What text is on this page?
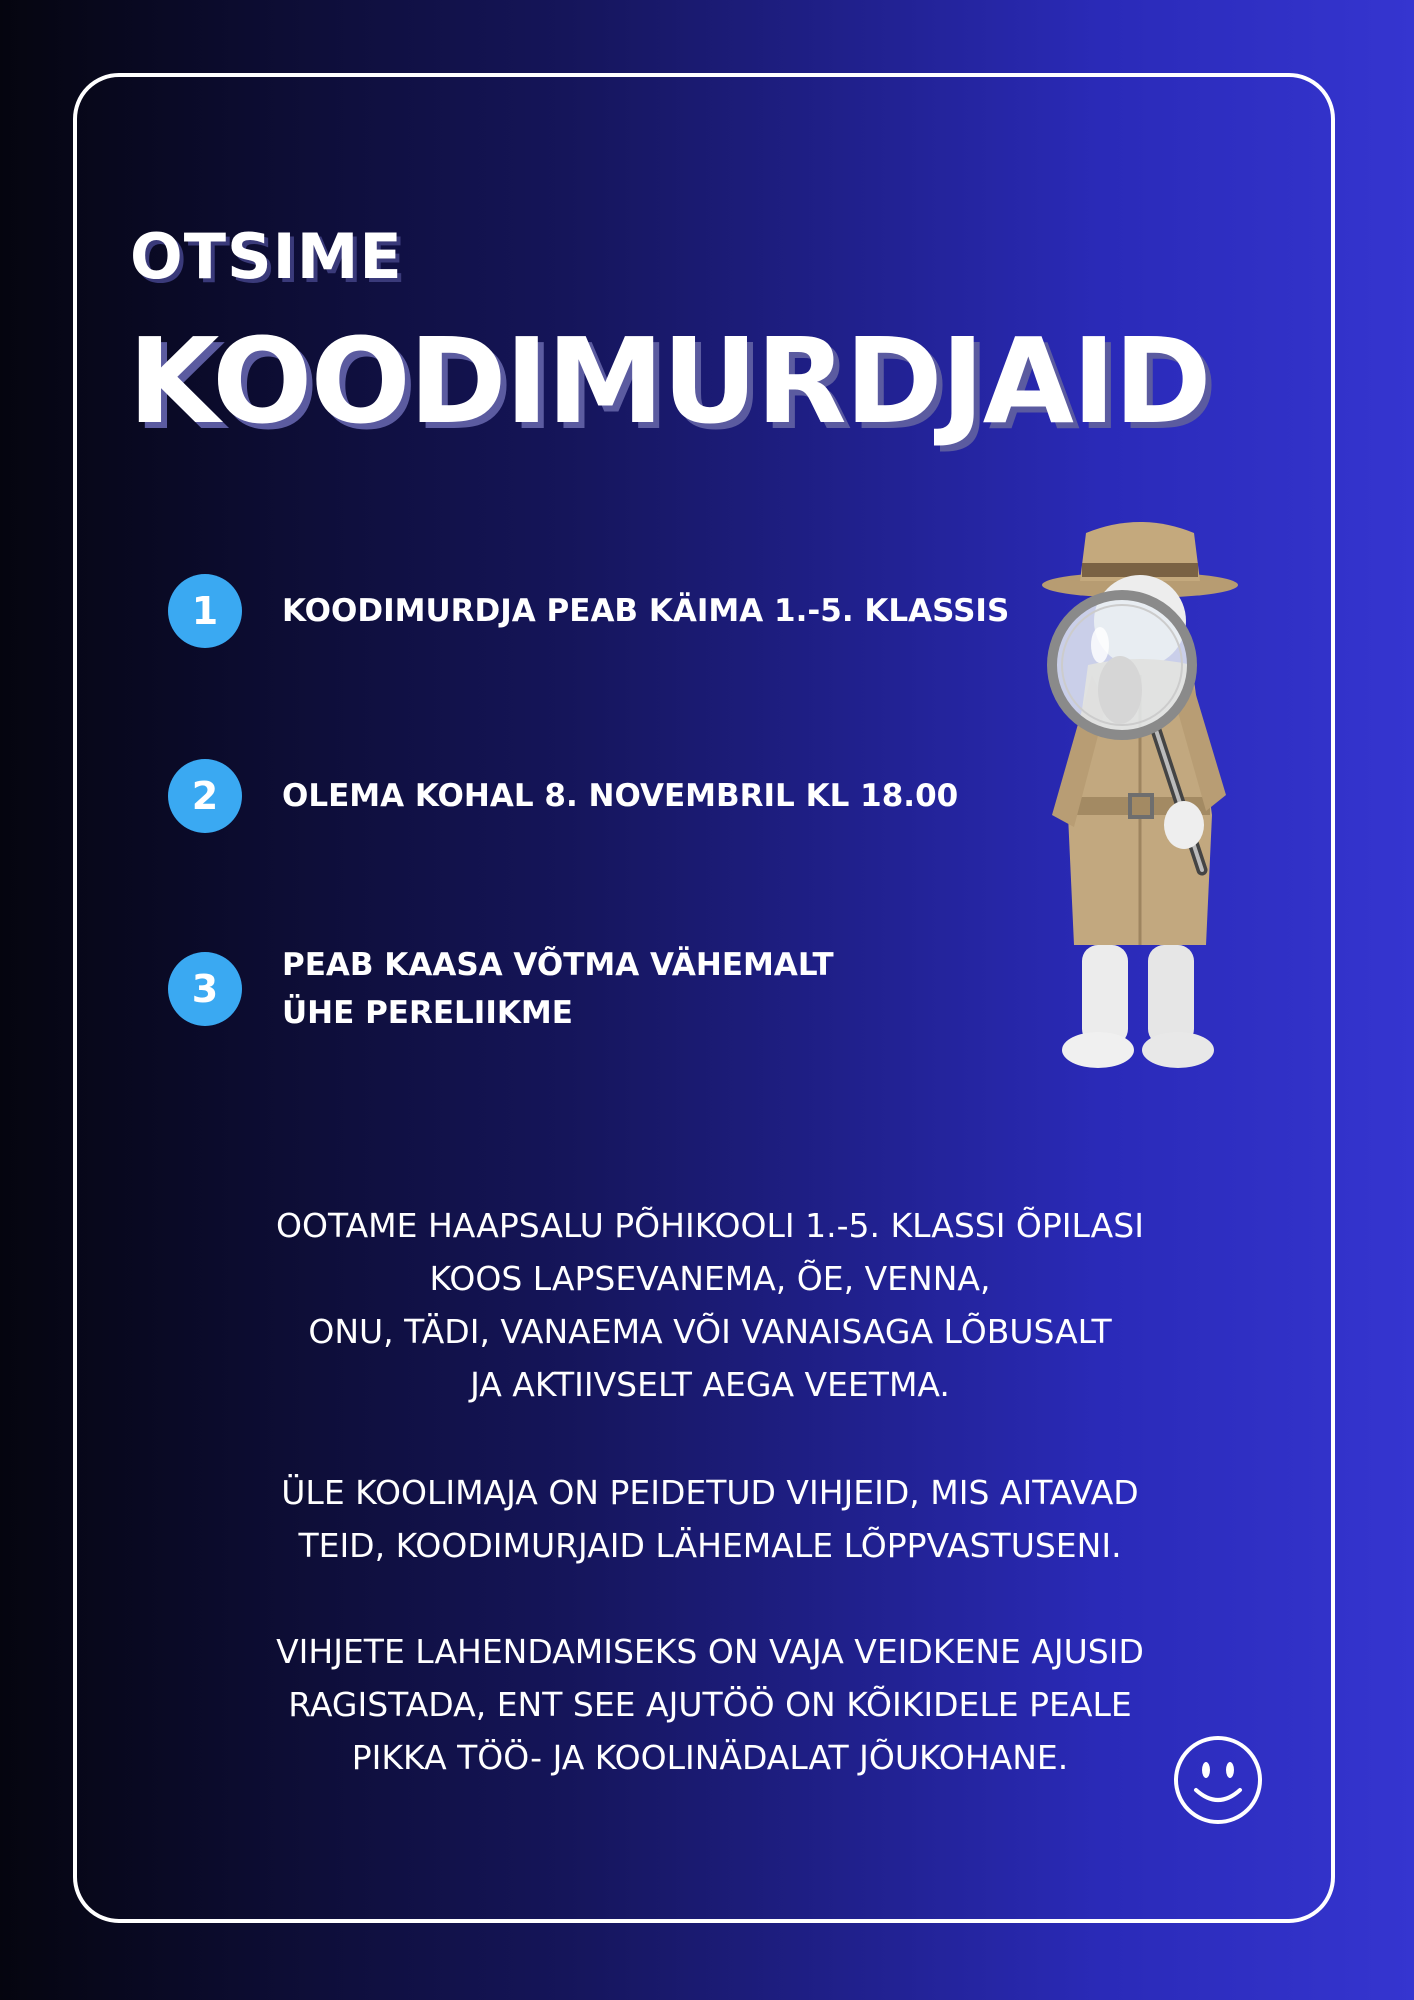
OTSIME
KOODIMURDJAID
1	KOODIMURDJA PEAB KÄIMA 1.-5. KLASSIS
2	OLEMA KOHAL 8. NOVEMBRIL KL 18.00
3
PEAB KAASA VÕTMA VÄHEMALT
ÜHE PERELIIKME
OOTAME HAAPSALU PÕHIKOOLI 1.-5. KLASSI ÕPILASI
KOOS LAPSEVANEMA, ÕE, VENNA,
ONU, TÄDI, VANAEMA VÕI VANAISAGA LÕBUSALT
JA AKTIIVSELT AEGA VEETMA.
ÜLE KOOLIMAJA ON PEIDETUD VIHJEID, MIS AITAVAD
TEID, KOODIMURJAID LÄHEMALE LÕPPVASTUSENI.
VIHJETE LAHENDAMISEKS ON VAJA VEIDKENE AJUSID
RAGISTADA, ENT SEE AJUTÖÖ ON KÕIKIDELE PEALE
PIKKA TÖÖ- JA KOOLINÄDALAT JÕUKOHANE.
